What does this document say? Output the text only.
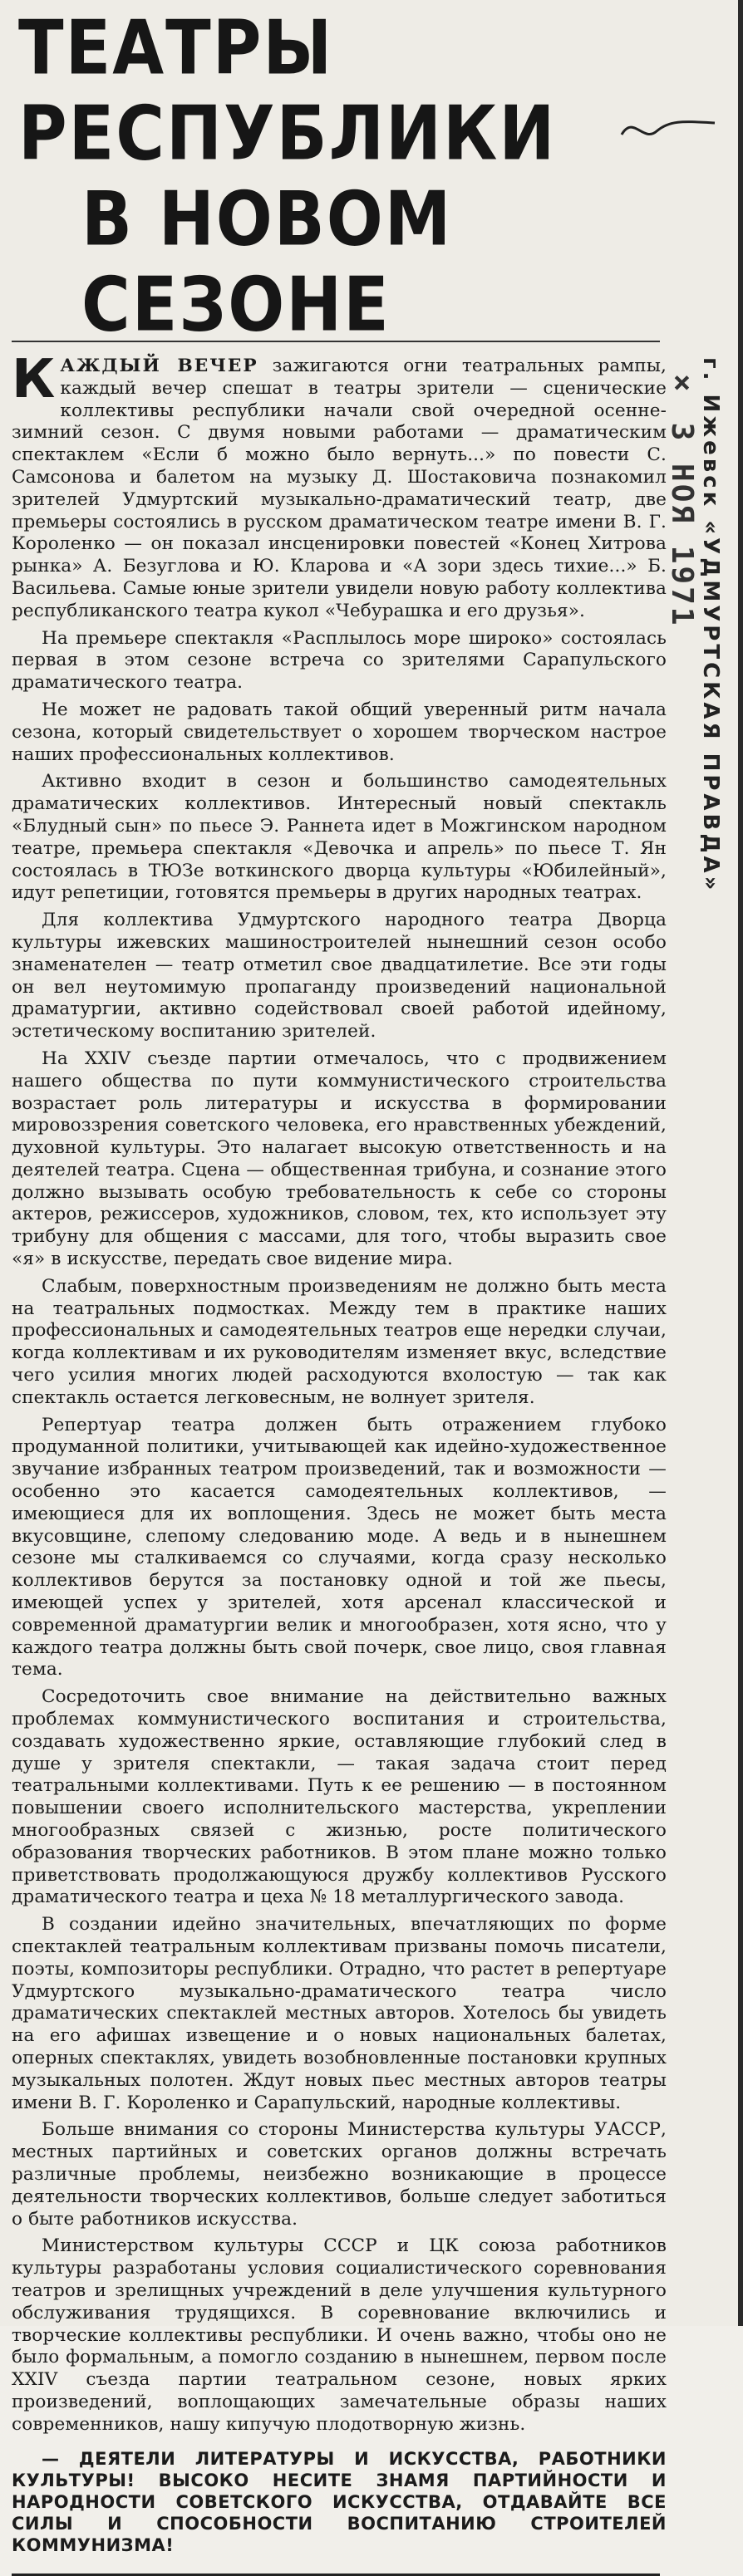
ТЕАТРЫ РЕСПУБЛИКИ
В НОВОМ СЕЗОНЕ

КАЖДЫЙ ВЕЧЕР зажигаются огни театральных рампы, каждый вечер спешат в театры зрители — сценические коллективы республики начали свой очередной осенне-зимний сезон. С двумя новыми работами — драматическим спектаклем «Если б можно было вернуть...» по повести С. Самсонова и балетом на музыку Д. Шостаковича познакомил зрителей Удмуртский музыкально-драматический театр, две премьеры состоялись в русском драматическом театре имени В. Г. Короленко — он показал инсценировки повестей «Конец Хитрова рынка» А. Безуглова и Ю. Кларова и «А зори здесь тихие...» Б. Васильева. Самые юные зрители увидели новую работу коллектива республиканского театра кукол «Чебурашка и его друзья».

На премьере спектакля «Расплылось море широко» состоялась первая в этом сезоне встреча со зрителями Сарапульского драматического театра.

Не может не радовать такой общий уверенный ритм начала сезона, который свидетельствует о хорошем творческом настрое наших профессиональных коллективов.

Активно входит в сезон и большинство самодеятельных драматических коллективов. Интересный новый спектакль «Блудный сын» по пьесе Э. Раннета идет в Можгинском народном театре, премьера спектакля «Девочка и апрель» по пьесе Т. Ян состоялась в ТЮЗе воткинского дворца культуры «Юбилейный», идут репетиции, готовятся премьеры в других народных театрах.

Для коллектива Удмуртского народного театра Дворца культуры ижевских машиностроителей нынешний сезон особо знаменателен — театр отметил свое двадцатилетие. Все эти годы он вел неутомимую пропаганду произведений национальной драматургии, активно содействовал своей работой идейному, эстетическому воспитанию зрителей.

На XXIV съезде партии отмечалось, что с продвижением нашего общества по пути коммунистического строительства возрастает роль литературы и искусства в формировании мировоззрения советского человека, его нравственных убеждений, духовной культуры. Это налагает высокую ответственность и на деятелей театра. Сцена — общественная трибуна, и сознание этого должно вызывать особую требовательность к себе со стороны актеров, режиссеров, художников, словом, тех, кто использует эту трибуну для общения с массами, для того, чтобы выразить свое «я» в искусстве, передать свое видение мира.

Слабым, поверхностным произведениям не должно быть места на театральных подмостках. Между тем в практике наших профессиональных и самодеятельных театров еще нередки случаи, когда коллективам и их руководителям изменяет вкус, вследствие чего усилия многих людей расходуются вхолостую — так как спектакль остается легковесным, не волнует зрителя.

Репертуар театра должен быть отражением глубоко продуманной политики, учитывающей как идейно-художественное звучание избранных театром произведений, так и возможности — особенно это касается самодеятельных коллективов, — имеющиеся для их воплощения. Здесь не может быть места вкусовщине, слепому следованию моде. А ведь и в нынешнем сезоне мы сталкиваемся со случаями, когда сразу несколько коллективов берутся за постановку одной и той же пьесы, имеющей успех у зрителей, хотя арсенал классической и современной драматургии велик и многообразен, хотя ясно, что у каждого театра должны быть свой почерк, свое лицо, своя главная тема.

Сосредоточить свое внимание на действительно важных проблемах коммунистического воспитания и строительства, создавать художественно яркие, оставляющие глубокий след в душе у зрителя спектакли, — такая задача стоит перед театральными коллективами. Путь к ее решению — в постоянном повышении своего исполнительского мастерства, укреплении многообразных связей с жизнью, росте политического образования творческих работников. В этом плане можно только приветствовать продолжающуюся дружбу коллективов Русского драматического театра и цеха № 18 металлургического завода.

В создании идейно значительных, впечатляющих по форме спектаклей театральным коллективам призваны помочь писатели, поэты, композиторы республики. Отрадно, что растет в репертуаре Удмуртского музыкально-драматического театра число драматических спектаклей местных авторов. Хотелось бы увидеть на его афишах извещение и о новых национальных балетах, оперных спектаклях, увидеть возобновленные постановки крупных музыкальных полотен. Ждут новых пьес местных авторов театры имени В. Г. Короленко и Сарапульский, народные коллективы.

Больше внимания со стороны Министерства культуры УАССР, местных партийных и советских органов должны встречать различные проблемы, неизбежно возникающие в процессе деятельности творческих коллективов, больше следует заботиться о быте работников искусства.

Министерством культуры СССР и ЦК союза работников культуры разработаны условия социалистического соревнования театров и зрелищных учреждений в деле улучшения культурного обслуживания трудящихся. В соревнование включились и творческие коллективы республики. И очень важно, чтобы оно не было формальным, а помогло созданию в нынешнем, первом после XXIV съезда партии театральном сезоне, новых ярких произведений, воплощающих замечательные образы наших современников, нашу кипучую плодотворную жизнь.

— ДЕЯТЕЛИ ЛИТЕРАТУРЫ И ИСКУССТВА, РАБОТНИКИ КУЛЬТУРЫ! ВЫСОКО НЕСИТЕ ЗНАМЯ ПАРТИЙНОСТИ И НАРОДНОСТИ СОВЕТСКОГО ИСКУССТВА, ОТДАВАЙТЕ ВСЕ СИЛЫ И СПОСОБНОСТИ ВОСПИТАНИЮ СТРОИТЕЛЕЙ КОММУНИЗМА!

× 3 НОЯ 1971 г. Ижевск «УДМУРТСКАЯ ПРАВДА»
